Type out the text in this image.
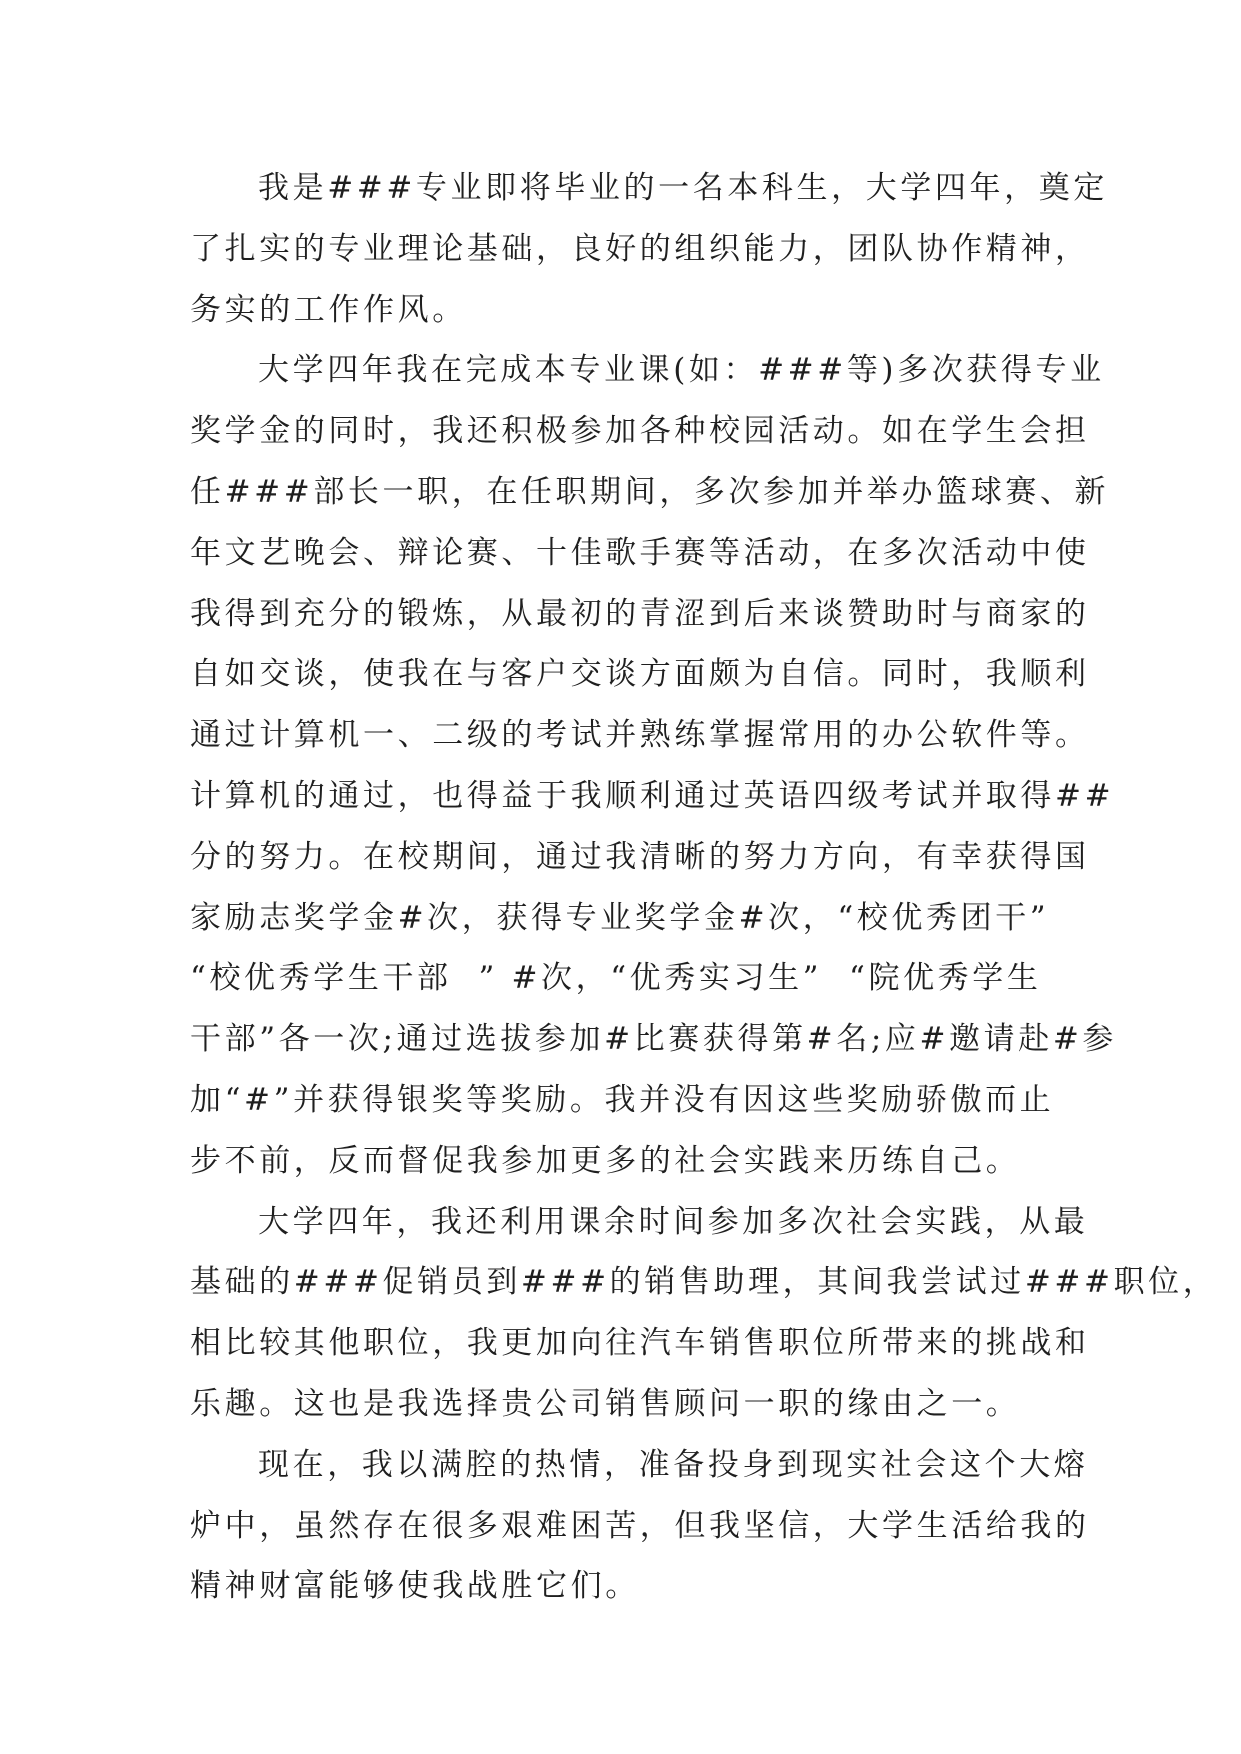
我是###专业即将毕业的一名本科生，大学四年，奠定
了扎实的专业理论基础，良好的组织能力，团队协作精神，
务实的工作作风。
大学四年我在完成本专业课(如：###等)多次获得专业
奖学金的同时，我还积极参加各种校园活动。如在学生会担
任###部长一职，在任职期间，多次参加并举办篮球赛、新
年文艺晚会、辩论赛、十佳歌手赛等活动，在多次活动中使
我得到充分的锻炼，从最初的青涩到后来谈赞助时与商家的
自如交谈，使我在与客户交谈方面颇为自信。同时，我顺利
通过计算机一、二级的考试并熟练掌握常用的办公软件等。
计算机的通过，也得益于我顺利通过英语四级考试并取得##
分的努力。在校期间，通过我清晰的努力方向，有幸获得国
家励志奖学金#次，获得专业奖学金#次，“校优秀团干”
“校优秀学生干部  ” #次，“优秀实习生”  “院优秀学生
干部”各一次;通过选拔参加#比赛获得第#名;应#邀请赴#参
加“#”并获得银奖等奖励。我并没有因这些奖励骄傲而止
步不前，反而督促我参加更多的社会实践来历练自己。
大学四年，我还利用课余时间参加多次社会实践，从最
基础的###促销员到###的销售助理，其间我尝试过###职位，
相比较其他职位，我更加向往汽车销售职位所带来的挑战和
乐趣。这也是我选择贵公司销售顾问一职的缘由之一。
现在，我以满腔的热情，准备投身到现实社会这个大熔
炉中，虽然存在很多艰难困苦，但我坚信，大学生活给我的
精神财富能够使我战胜它们。
